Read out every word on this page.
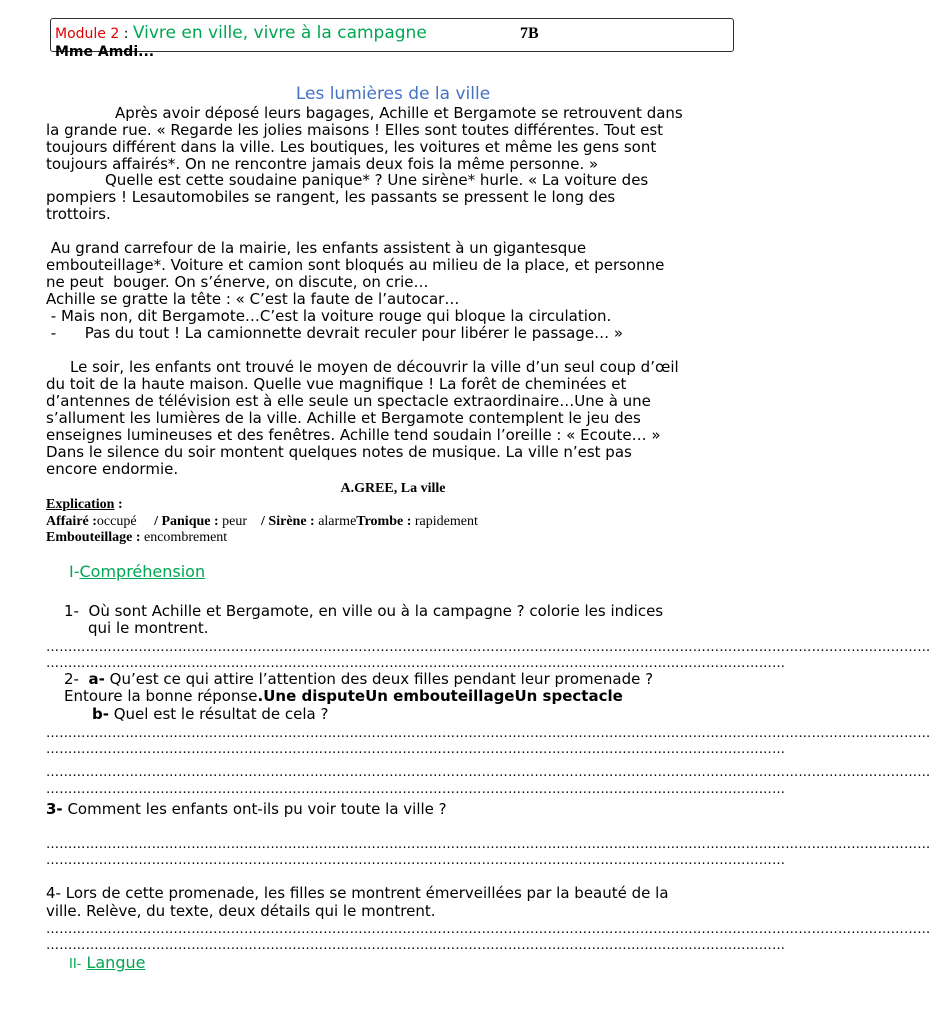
Module 2 : Vivre en ville, vivre à la campagne	7B
Mme Amdi...
Les lumières de la ville

Après avoir déposé leurs bagages, Achille et Bergamote se retrouvent dans

la grande rue. « Regarde les jolies maisons ! Elles sont toutes différentes. Tout est

toujours différent dans la ville. Les boutiques, les voitures et même les gens sont

toujours affairés*. On ne rencontre jamais deux fois la même personne. »

Quelle est cette soudaine panique* ? Une sirène* hurle. « La voiture des

pompiers ! Lesautomobiles se rangent, les passants se pressent le long des

trottoirs.

Au grand carrefour de la mairie, les enfants assistent à un gigantesque

embouteillage*. Voiture et camion sont bloqués au milieu de la place, et personne

ne peut  bouger. On s’énerve, on discute, on crie…

Achille se gratte la tête : « C’est la faute de l’autocar…

- Mais non, dit Bergamote…C’est la voiture rouge qui bloque la circulation.

-      Pas du tout ! La camionnette devrait reculer pour libérer le passage… »

Le soir, les enfants ont trouvé le moyen de découvrir la ville d’un seul coup d’œil

du toit de la haute maison. Quelle vue magnifique ! La forêt de cheminées et

d’antennes de télévision est à elle seule un spectacle extraordinaire…Une à une

s’allument les lumières de la ville. Achille et Bergamote contemplent le jeu des

enseignes lumineuses et des fenêtres. Achille tend soudain l’oreille : « Ecoute… »

Dans le silence du soir montent quelques notes de musique. La ville n’est pas

encore endormie.

A.GREE, La ville
Explication :
Affairé :occupé / Panique : peur / Sirène : alarmeTrombe : rapidement
Embouteillage : encombrement
I-Compréhension
1- Où sont Achille et Bergamote, en ville ou à la campagne ? colorie les indices
qui le montrent.
…………………………………………………………………………………………………………………………………………………………………………………
……………………………………………………………………………………………………………………………………………………
2- a- Qu’est ce qui attire l’attention des deux filles pendant leur promenade ?
Entoure la bonne réponse.Une disputeUn embouteillageUn spectacle
b- Quel est le résultat de cela ?
…………………………………………………………………………………………………………………………………………………………………………………
……………………………………………………………………………………………………………………………………………………
…………………………………………………………………………………………………………………………………………………………………………………
……………………………………………………………………………………………………………………………………………………
3- Comment les enfants ont-ils pu voir toute la ville ?
…………………………………………………………………………………………………………………………………………………………………………………
……………………………………………………………………………………………………………………………………………………
4- Lors de cette promenade, les filles se montrent émerveillées par la beauté de la
ville. Relève, du texte, deux détails qui le montrent.
…………………………………………………………………………………………………………………………………………………………………………………
……………………………………………………………………………………………………………………………………………………
II- Langue
